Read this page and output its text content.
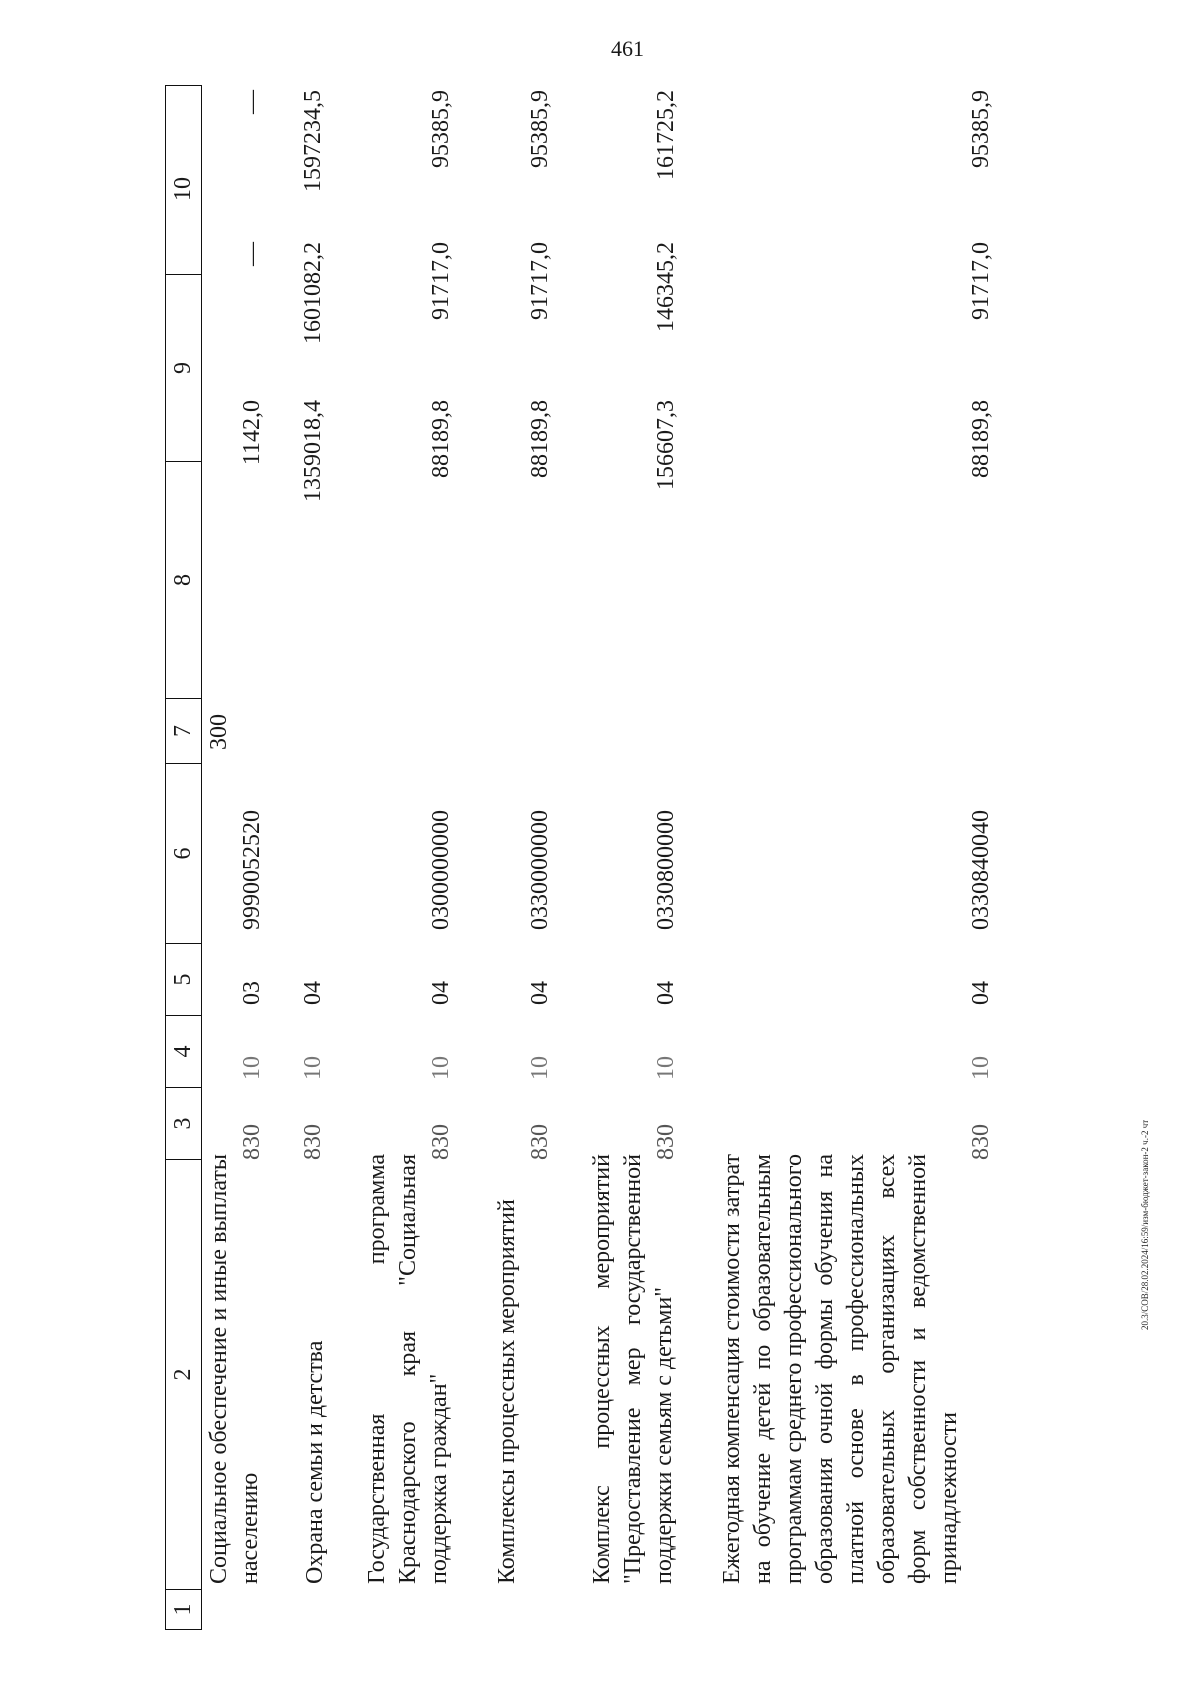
461
20.3/СОВ/28.02.2024/16:59/изм-бюджет-закон-2 ч.-2 чт
1
2
3
4
5
6
7
8
9
10
Социальное обеспечение и иные выплаты населению
830
10
03
9990052520
300
1142,0
—
—
Охрана семьи и детства
830
10
04
1359018,4
1601082,2
1597234,5
Государственная программа Краснодарского края "Социальная поддержка граждан"
830
10
04
0300000000
88189,8
91717,0
95385,9
Комплексы процессных мероприятий
830
10
04
0330000000
88189,8
91717,0
95385,9
Комплекс процессных мероприятий "Предоставление мер государственной поддержки семьям с детьми"
830
10
04
0330800000
156607,3
146345,2
161725,2
Ежегодная компенсация стоимости затрат на обучение детей по образовательным программам среднего профессионального образования очной формы обучения на платной основе в профессиональных образовательных организациях всех форм собственности и ведомственной принадлежности
830
10
04
0330840040
88189,8
91717,0
95385,9
